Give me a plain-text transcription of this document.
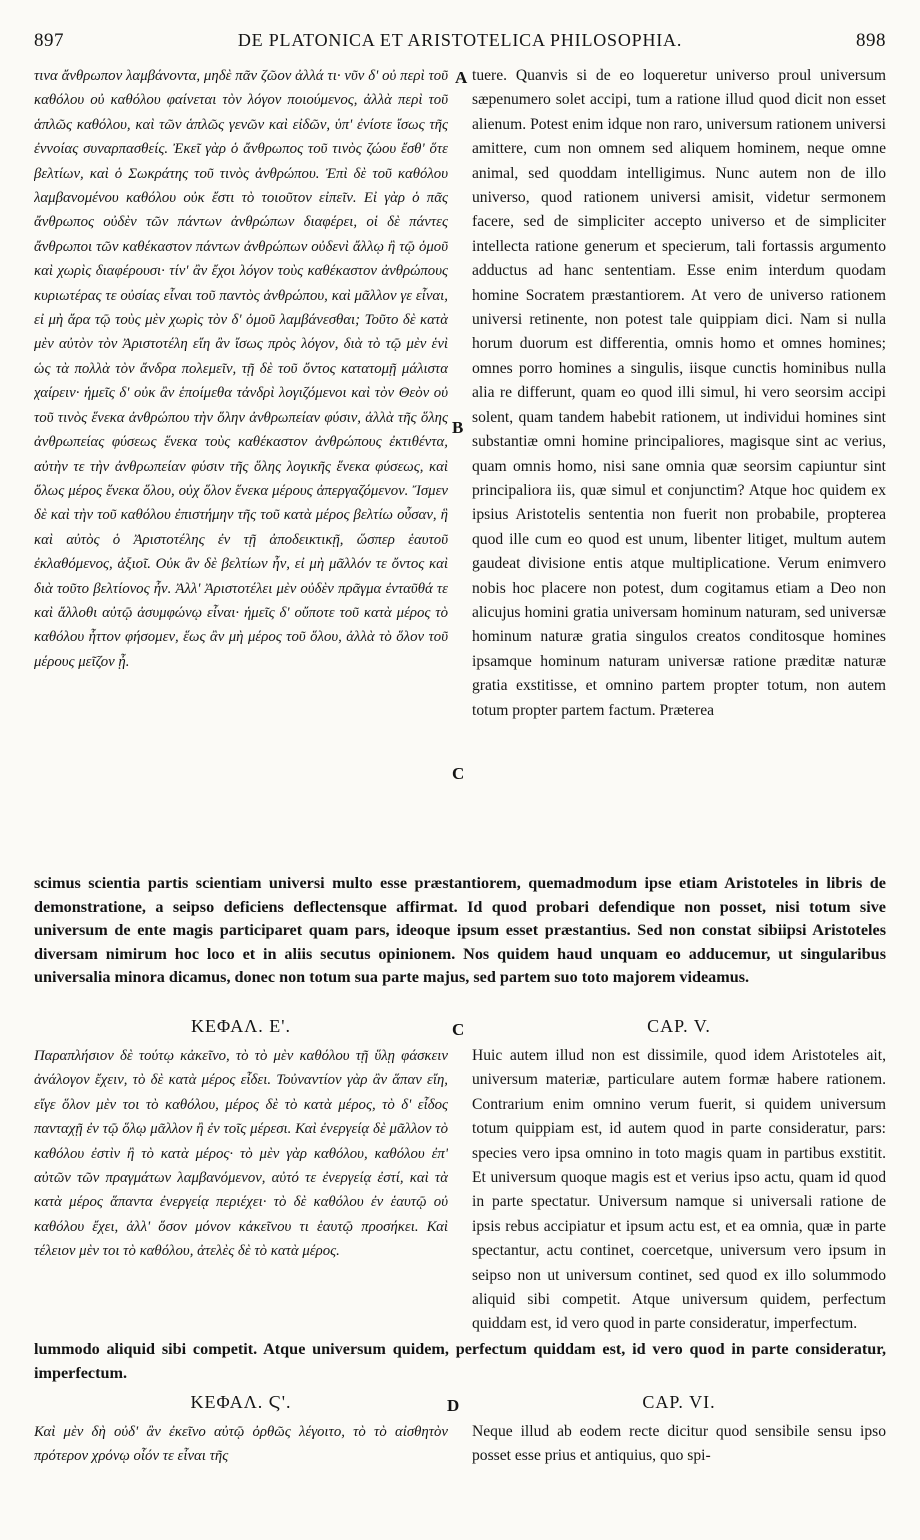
897	DE PLATONICA ET ARISTOTELICA PHILOSOPHIA.	898

τινα ἄνθρωπον λαμβάνοντα, μηδὲ πᾶν ζῶον ἀλλά τι· νῦν δ' οὐ περὶ τοῦ καθόλου οὐ καθόλου φαίνεται τὸν λόγον ποιούμενος, ἀλλὰ περὶ τοῦ ἁπλῶς καθόλου, καὶ τῶν ἁπλῶς γενῶν καὶ εἰδῶν, ὑπ' ἐνίοτε ἴσως τῆς ἐννοίας συναρπασθείς. Ἐκεῖ γὰρ ὁ ἄνθρωπος τοῦ τινὸς ζώου ἔσθ' ὅτε βελτίων, καὶ ὁ Σωκράτης τοῦ τινὸς ἀνθρώπου. Ἐπὶ δὲ τοῦ καθόλου λαμβανομένου καθόλου οὐκ ἔστι τὸ τοιοῦτον εἰπεῖν. Εἰ γὰρ ὁ πᾶς ἄνθρωπος οὐδὲν τῶν πάντων ἀνθρώπων διαφέρει, οἱ δὲ πάντες ἄνθρωποι τῶν καθέκαστον πάντων ἀνθρώπων οὐδενὶ ἄλλῳ ἢ τῷ ὁμοῦ καὶ χωρὶς διαφέρουσι· τίν' ἂν ἔχοι λόγον τοὺς καθέκαστον ἀνθρώπους κυριωτέρας τε οὐσίας εἶναι τοῦ παντὸς ἀνθρώπου, καὶ μᾶλλον γε εἶναι, εἰ μὴ ἄρα τῷ τοὺς μὲν χωρὶς τὸν δ' ὁμοῦ λαμβάνεσθαι; Τοῦτο δὲ κατὰ μὲν αὐτὸν τὸν Ἀριστοτέλη εἴη ἂν ἴσως πρὸς λόγον, διὰ τὸ τῷ μὲν ἑνὶ ὡς τὰ πολλὰ τὸν ἄνδρα πολεμεῖν, τῇ δὲ τοῦ ὄντος κατατομῇ μάλιστα χαίρειν· ἡμεῖς δ' οὐκ ἂν ἑποίμεθα τἀνδρὶ λογιζόμενοι καὶ τὸν Θεὸν οὐ τοῦ τινὸς ἕνεκα ἀνθρώπου τὴν ὅλην ἀνθρωπείαν φύσιν, ἀλλὰ τῆς ὅλης ἀνθρωπείας φύσεως ἕνεκα τοὺς καθέκαστον ἀνθρώπους ἐκτιθέντα, αὐτὴν τε τὴν ἀνθρωπείαν φύσιν τῆς ὅλης λογικῆς ἕνεκα φύσεως, καὶ ὅλως μέρος ἕνεκα ὅλου, οὐχ ὅλον ἕνεκα μέρους ἀπεργαζόμενον. Ἴσμεν δὲ καὶ τὴν τοῦ καθόλου ἐπιστήμην τῆς τοῦ κατὰ μέρος βελτίω οὖσαν, ἣ καὶ αὐτὸς ὁ Ἀριστοτέλης ἐν τῇ ἀποδεικτικῇ, ὥσπερ ἑαυτοῦ ἐκλαθόμενος, ἀξιοῖ. Οὐκ ἂν δὲ βελτίων ἦν, εἰ μὴ μᾶλλόν τε ὄντος καὶ διὰ τοῦτο βελτίονος ἦν. Ἀλλ' Ἀριστοτέλει μὲν οὐδὲν πρᾶγμα ἐνταῦθά τε καὶ ἄλλοθι αὐτῷ ἀσυμφώνῳ εἶναι· ἡμεῖς δ' οὔποτε τοῦ κατὰ μέρος τὸ καθόλου ἧττον φήσομεν, ἕως ἂν μὴ μέρος τοῦ ὅλου, ἀλλὰ τὸ ὅλον τοῦ μέρους μεῖζον ᾖ.

A
B
C

tuere. Quanvis si de eo loqueretur universo proul universum sæpenumero solet accipi, tum a ratione illud quod dicit non esset alienum. Potest enim idque non raro, universum rationem universi amittere, cum non omnem sed aliquem hominem, neque omne animal, sed quoddam intelligimus. Nunc autem non de illo universo, quod rationem universi amisit, videtur sermonem facere, sed de simpliciter accepto universo et de simpliciter intellecta ratione generum et specierum, tali fortassis argumento adductus ad hanc sententiam. Esse enim interdum quodam homine Socratem præstantiorem. At vero de universo rationem universi retinente, non potest tale quippiam dici. Nam si nulla horum duorum est differentia, omnis homo et omnes homines; omnes porro homines a singulis, iisque cunctis hominibus nulla alia re differunt, quam eo quod illi simul, hi vero seorsim accipi solent, quam tandem habebit rationem, ut individui homines sint substantiæ omni homine principaliores, magisque sint ac verius, quam omnis homo, nisi sane omnia quæ seorsim capiuntur sint principaliora iis, quæ simul et conjunctim? Atque hoc quidem ex ipsius Aristotelis sententia non fuerit non probabile, propterea quod ille cum eo quod est unum, libenter litiget, multum autem gaudeat divisione entis atque multiplicatione. Verum enimvero nobis hoc placere non potest, dum cogitamus etiam a Deo non alicujus homini gratia universam hominum naturam, sed universæ hominum naturæ gratia singulos creatos conditosque homines ipsamque hominum naturam universæ ratione præditæ naturæ gratia exstitisse, et omnino partem propter totum, non autem totum propter partem factum. Præterea

scimus scientia partis scientiam universi multo esse præstantiorem, quemadmodum ipse etiam Aristoteles in libris de demonstratione, a seipso deficiens deflectensque affirmat. Id quod probari defendique non posset, nisi totum sive universum de ente magis participaret quam pars, ideoque ipsum esset præstantius. Sed non constat sibiipsi Aristoteles diversam nimirum hoc loco et in aliis secutus opinionem. Nos quidem haud unquam eo adducemur, ut singularibus universalia minora dicamus, donec non totum sua parte majus, sed partem suo toto majorem videamus.

ΚΕΦΑΛ. Ε'.	C	CAP. V.

Παραπλήσιον δὲ τούτῳ κἀκεῖνο, τὸ τὸ μὲν καθόλου τῇ ὕλῃ φάσκειν ἀνάλογον ἔχειν, τὸ δὲ κατὰ μέρος εἶδει. Τοὐναντίον γὰρ ἂν ἅπαν εἴη, εἴγε ὅλον μὲν τοι τὸ καθόλου, μέρος δὲ τὸ κατὰ μέρος, τὸ δ' εἶδος πανταχῇ ἐν τῷ ὅλῳ μᾶλλον ἢ ἐν τοῖς μέρεσι. Καὶ ἐνεργείᾳ δὲ μᾶλλον τὸ καθόλου ἐστὶν ἢ τὸ κατὰ μέρος· τὸ μὲν γὰρ καθόλου, καθόλου ἐπ' αὐτῶν τῶν πραγμάτων λαμβανόμενον, αὐτό τε ἐνεργείᾳ ἐστί, καὶ τὰ κατὰ μέρος ἅπαντα ἐνεργείᾳ περιέχει· τὸ δὲ καθόλου ἐν ἑαυτῷ οὐ καθόλου ἔχει, ἀλλ' ὅσον μόνον κἀκεῖνου τι ἑαυτῷ προσήκει. Καὶ τέλειον μὲν τοι τὸ καθόλου, ἀτελὲς δὲ τὸ κατὰ μέρος.

Huic autem illud non est dissimile, quod idem Aristoteles ait, universum materiæ, particulare autem formæ habere rationem. Contrarium enim omnino verum fuerit, si quidem universum totum quippiam est, id autem quod in parte consideratur, pars: species vero ipsa omnino in toto magis quam in partibus exstitit. Et universum quoque magis est et verius ipso actu, quam id quod in parte spectatur. Universum namque si universali ratione de ipsis rebus accipiatur et ipsum actu est, et ea omnia, quæ in parte spectantur, actu continet, coercetque, universum vero ipsum in seipso non ut universum continet, sed quod ex illo solummodo aliquid sibi competit. Atque universum quidem, perfectum quiddam est, id vero quod in parte consideratur, imperfectum.

lummodo aliquid sibi competit. Atque universum quidem, perfectum quiddam est, id vero quod in parte consideratur, imperfectum.

ΚΕΦΑΛ. Ϛ'.	D	CAP. VI.

Καὶ μὲν δὴ οὐδ' ἂν ἐκεῖνο αὐτῷ ὀρθῶς λέγοιτο, τὸ τὸ αἰσθητὸν πρότερον χρόνῳ οἷόν τε εἶναι τῆς

Neque illud ab eodem recte dicitur quod sensibile sensu ipso posset esse prius et antiquius, quo spi-
